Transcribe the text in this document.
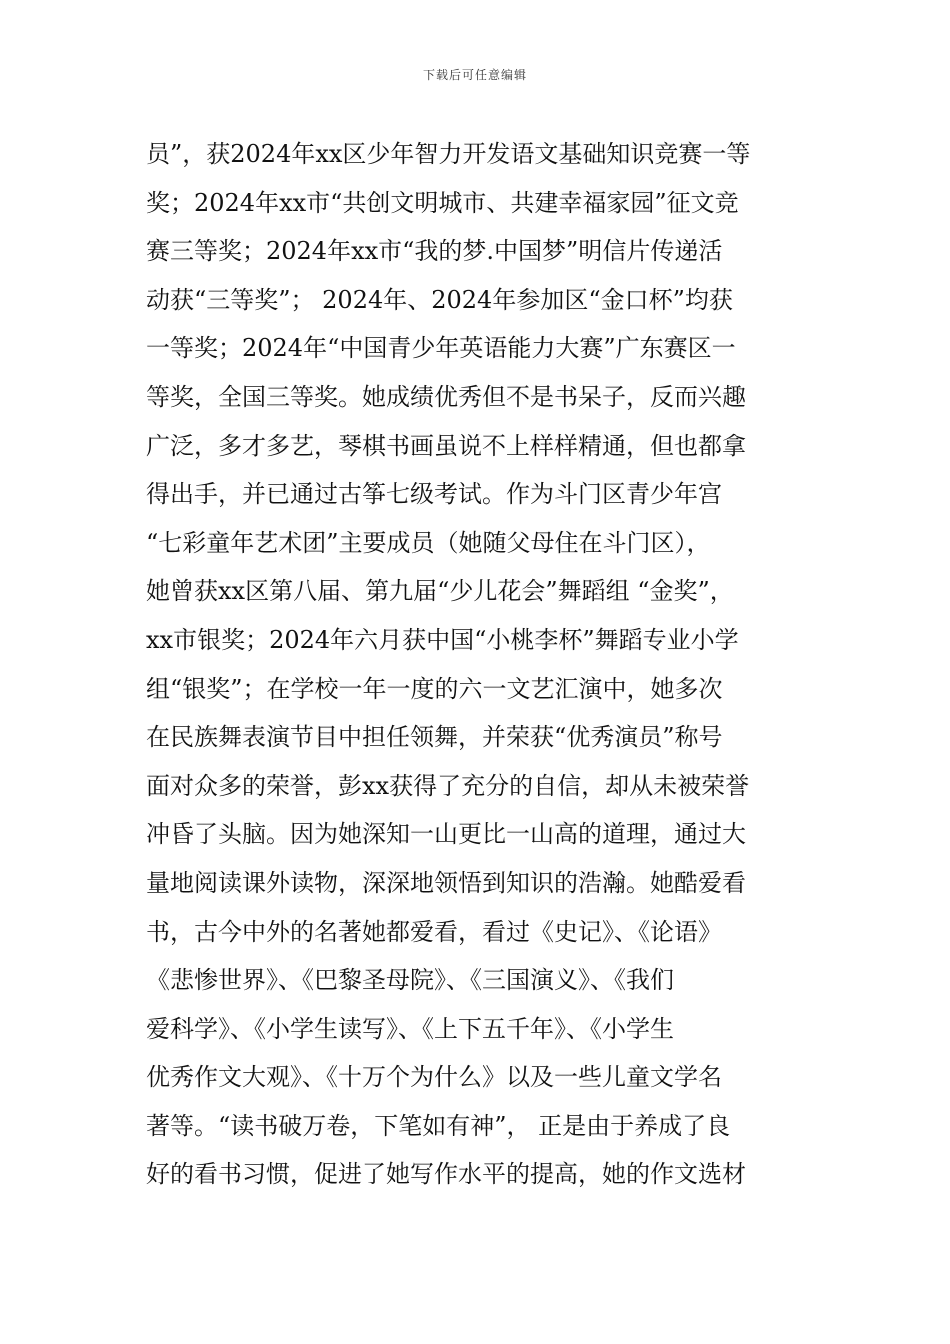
下载后可任意编辑
员”，获2024年xx区少年智力开发语文基础知识竞赛一等
奖；2024年xx市“共创文明城市、共建幸福家园”征文竞
赛三等奖；2024年xx市“我的梦.中国梦”明信片传递活
动获“三等奖”； 2024年、2024年参加区“金口杯”均获
一等奖；2024年“中国青少年英语能力大赛”广东赛区一
等奖，全国三等奖。她成绩优秀但不是书呆子，反而兴趣
广泛，多才多艺，琴棋书画虽说不上样样精通，但也都拿
得出手，并已通过古筝七级考试。作为斗门区青少年宫
“七彩童年艺术团”主要成员（她随父母住在斗门区），
她曾获xx区第八届、第九届“少儿花会”舞蹈组 “金奖”，
xx市银奖；2024年六月获中国“小桃李杯”舞蹈专业小学
组“银奖”；在学校一年一度的六一文艺汇演中，她多次
在民族舞表演节目中担任领舞，并荣获“优秀演员”称号
面对众多的荣誉，彭xx获得了充分的自信，却从未被荣誉
冲昏了头脑。因为她深知一山更比一山高的道理，通过大
量地阅读课外读物，深深地领悟到知识的浩瀚。她酷爱看
书，古今中外的名著她都爱看，看过《史记》、《论语》
《悲惨世界》、《巴黎圣母院》、《三国演义》、《我们
爱科学》、《小学生读写》、《上下五千年》、《小学生
优秀作文大观》、《十万个为什么》以及一些儿童文学名
著等。“读书破万卷，下笔如有神”， 正是由于养成了良
好的看书习惯，促进了她写作水平的提高，她的作文选材
